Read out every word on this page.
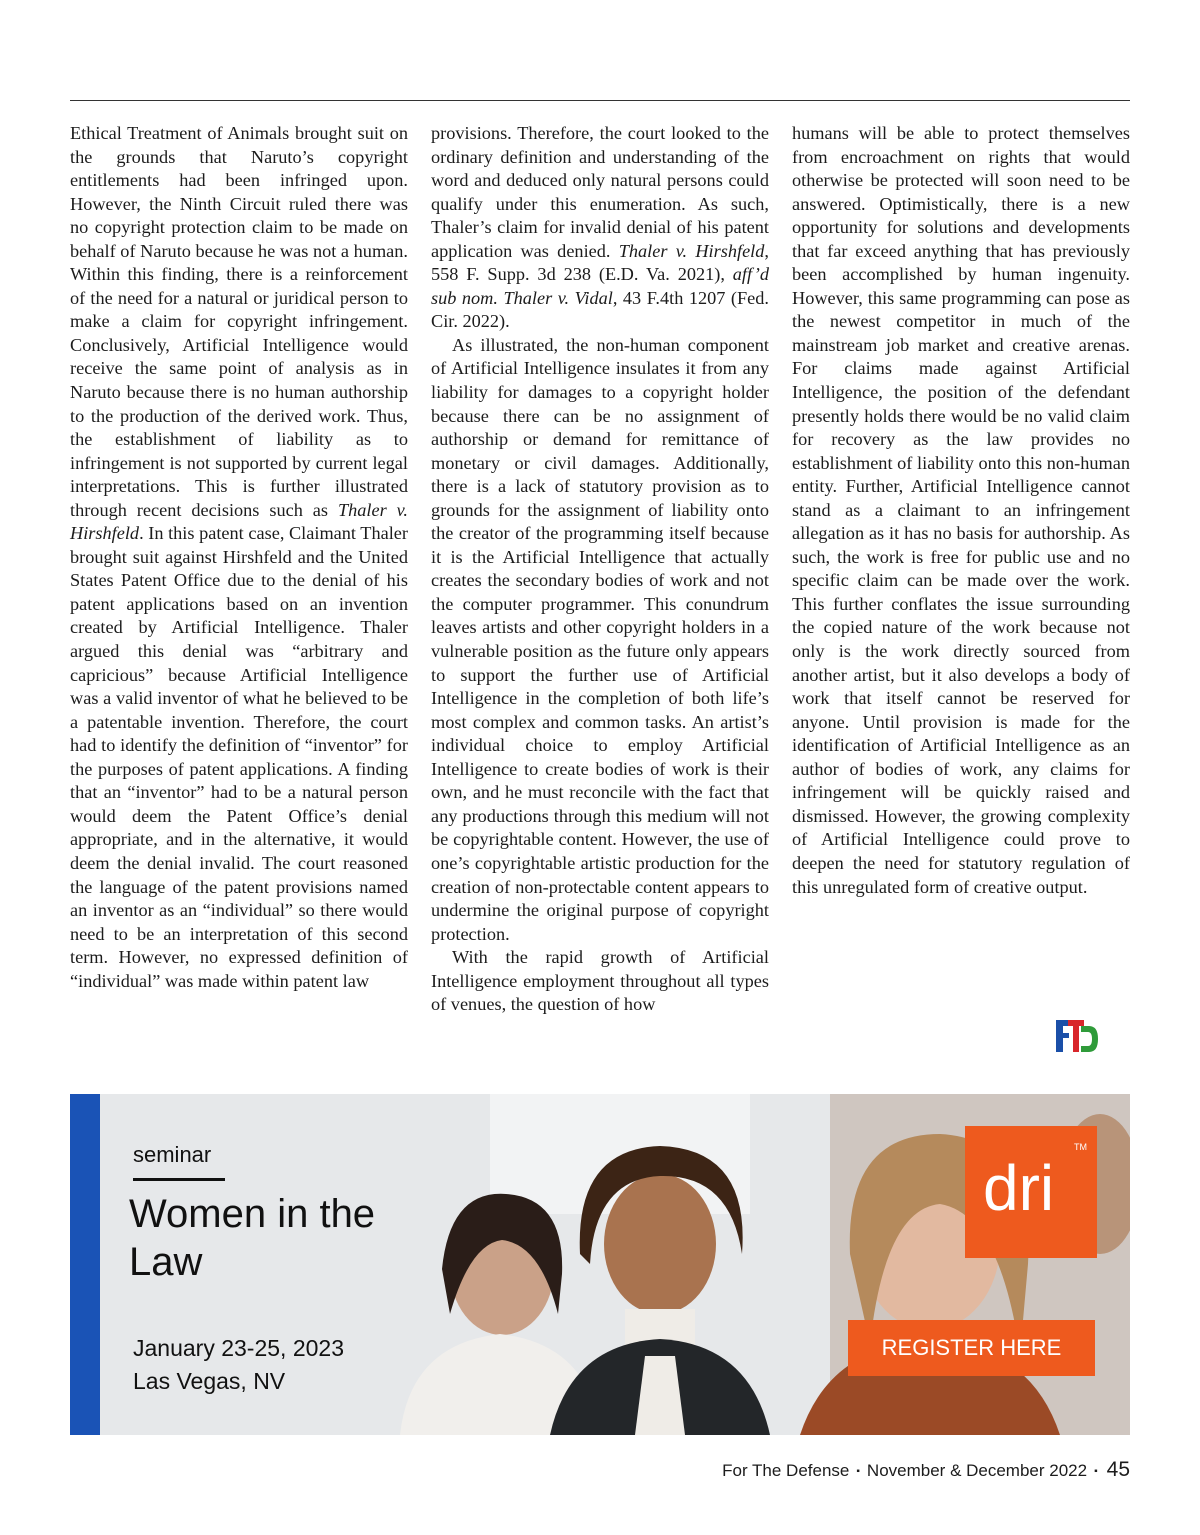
Ethical Treatment of Animals brought suit on the grounds that Naruto’s copyright entitlements had been infringed upon. However, the Ninth Circuit ruled there was no copyright protection claim to be made on behalf of Naruto because he was not a human. Within this finding, there is a reinforcement of the need for a natural or juridical person to make a claim for copyright infringement. Conclusively, Artificial Intelligence would receive the same point of analysis as in Naruto because there is no human authorship to the production of the derived work. Thus, the establishment of liability as to infringement is not supported by current legal interpretations. This is further illustrated through recent decisions such as Thaler v. Hirshfeld. In this patent case, Claimant Thaler brought suit against Hirshfeld and the United States Patent Office due to the denial of his patent applications based on an invention created by Artificial Intelligence. Thaler argued this denial was “arbitrary and capricious” because Artificial Intelligence was a valid inventor of what he believed to be a patentable invention. Therefore, the court had to identify the definition of “inventor” for the purposes of patent applications. A finding that an “inventor” had to be a natural person would deem the Patent Office’s denial appropriate, and in the alternative, it would deem the denial invalid. The court reasoned the language of the patent provisions named an inventor as an “individual” so there would need to be an interpretation of this second term. However, no expressed definition of “individual” was made within patent law

provisions. Therefore, the court looked to the ordinary definition and understanding of the word and deduced only natural persons could qualify under this enumeration. As such, Thaler’s claim for invalid denial of his patent application was denied. Thaler v. Hirshfeld, 558 F. Supp. 3d 238 (E.D. Va. 2021), aff’d sub nom. Thaler v. Vidal, 43 F.4th 1207 (Fed. Cir. 2022).

As illustrated, the non-human component of Artificial Intelligence insulates it from any liability for damages to a copyright holder because there can be no assignment of authorship or demand for remittance of monetary or civil damages. Additionally, there is a lack of statutory provision as to grounds for the assignment of liability onto the creator of the programming itself because it is the Artificial Intelligence that actually creates the secondary bodies of work and not the computer programmer. This conundrum leaves artists and other copyright holders in a vulnerable position as the future only appears to support the further use of Artificial Intelligence in the completion of both life’s most complex and common tasks. An artist’s individual choice to employ Artificial Intelligence to create bodies of work is their own, and he must reconcile with the fact that any productions through this medium will not be copyrightable content. However, the use of one’s copyrightable artistic production for the creation of non-protectable content appears to undermine the original purpose of copyright protection.

With the rapid growth of Artificial Intelligence employment throughout all types of venues, the question of how

humans will be able to protect themselves from encroachment on rights that would otherwise be protected will soon need to be answered. Optimistically, there is a new opportunity for solutions and developments that far exceed anything that has previously been accomplished by human ingenuity. However, this same programming can pose as the newest competitor in much of the mainstream job market and creative arenas. For claims made against Artificial Intelligence, the position of the defendant presently holds there would be no valid claim for recovery as the law provides no establishment of liability onto this non-human entity. Further, Artificial Intelligence cannot stand as a claimant to an infringement allegation as it has no basis for authorship. As such, the work is free for public use and no specific claim can be made over the work. This further conflates the issue surrounding the copied nature of the work because not only is the work directly sourced from another artist, but it also develops a body of work that itself cannot be reserved for anyone. Until provision is made for the identification of Artificial Intelligence as an author of bodies of work, any claims for infringement will be quickly raised and dismissed. However, the growing complexity of Artificial Intelligence could prove to deepen the need for statutory regulation of this unregulated form of creative output.

seminar
Women in the Law
January 23-25, 2023
Las Vegas, NV
dri
TM
REGISTER HERE
For The Defense ▪ November & December 2022 ▪ 45
